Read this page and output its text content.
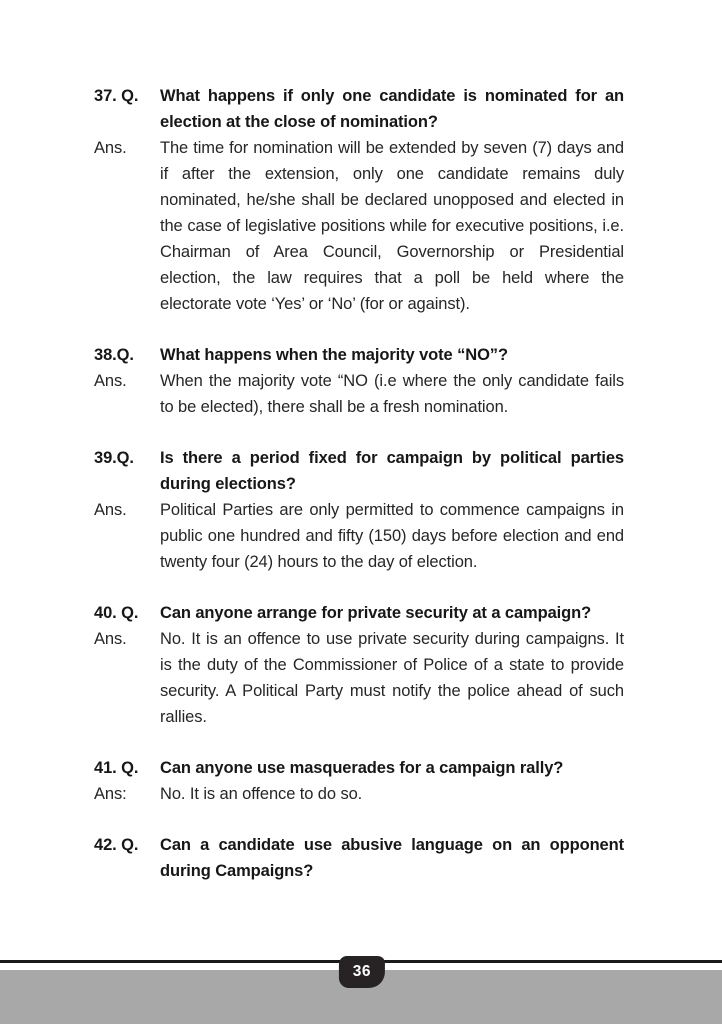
37. Q.	What happens if only one candidate is nominated for an election at the close of nomination?
Ans.	The time for nomination will be extended by seven (7) days and if after the extension, only one candidate remains duly nominated, he/she shall be declared unopposed and elected in the case of legislative positions while for executive positions, i.e. Chairman of Area Council, Governorship or Presidential election, the law requires that a poll be held where the electorate vote ‘Yes’ or ‘No’ (for or against).
38.Q.	What happens when the majority vote “NO”?
Ans.	When the majority vote “NO (i.e where the only candidate fails to be elected), there shall be a fresh nomination.
39.Q.	Is there a period fixed for campaign by political parties during elections?
Ans.	Political Parties are only permitted to commence campaigns in public one hundred and fifty (150) days before election and end twenty four (24) hours to the day of election.
40. Q.	Can anyone arrange for private security at a campaign?
Ans.	No. It is an offence to use private security during campaigns. It is the duty of the Commissioner of Police of a state to provide security. A Political Party must notify the police ahead of such rallies.
41. Q.	Can anyone use masquerades for a campaign rally?
Ans:	No. It is an offence to do so.
42. Q.	Can a candidate use abusive language on an opponent during Campaigns?
36
